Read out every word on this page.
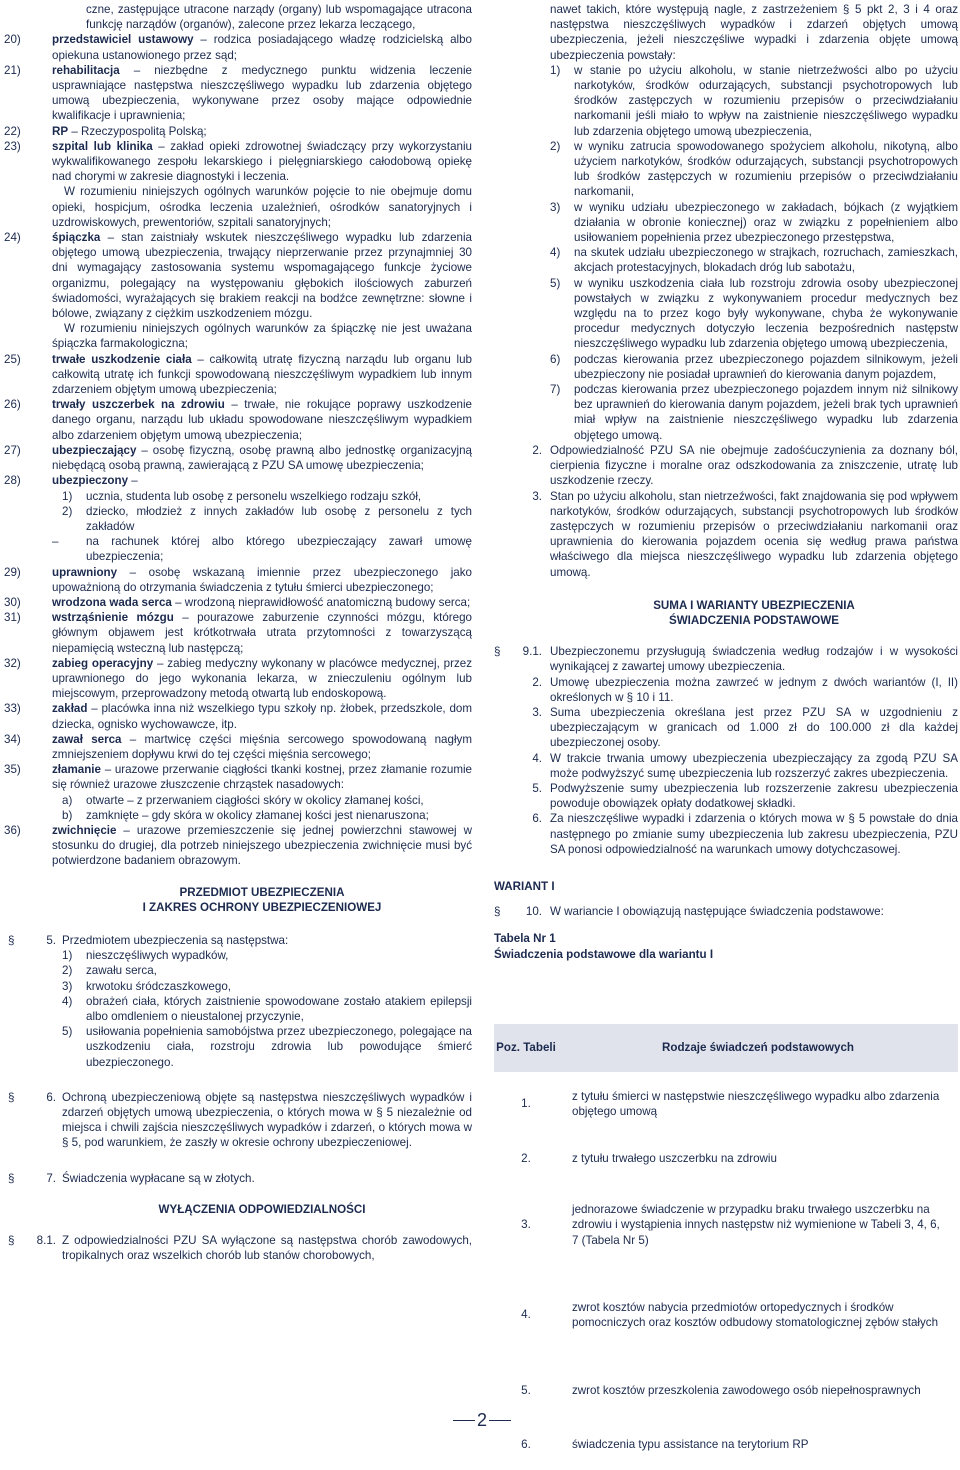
czne, zastępujące utracone narządy (organy) lub wspomagające utracona funkcję narządów (organów), zalecone przez lekarza leczącego,

20)	przedstawiciel ustawowy – rodzica posiadającego władzę rodzicielską albo opiekuna ustanowionego przez sąd;

21)	rehabilitacja – niezbędne z medycznego punktu widzenia leczenie usprawniające następstwa nieszczęśliwego wypadku lub zdarzenia objętego umową ubezpieczenia, wykonywane przez osoby mające odpowiednie kwalifikacje i uprawnienia;

22)	RP – Rzeczypospolitą Polską;

23)	szpital lub klinika – zakład opieki zdrowotnej świadczący przy wykorzystaniu wykwalifikowanego zespołu lekarskiego i pielęgniarskiego całodobową opiekę nad chorymi w zakresie diagnostyki i leczenia.

W rozumieniu niniejszych ogólnych warunków pojęcie to nie obejmuje domu opieki, hospicjum, ośrodka leczenia uzależnień, ośrodków sanatoryjnych i uzdrowiskowych, prewentoriów, szpitali sanatoryjnych;

24)	śpiączka – stan zaistniały wskutek nieszczęśliwego wypadku lub zdarzenia objętego umową ubezpieczenia, trwający nieprzerwanie przez przynajmniej 30 dni wymagający zastosowania systemu wspomagającego funkcje życiowe organizmu, polegający na występowaniu głębokich ilościowych zaburzeń świadomości, wyrażających się brakiem reakcji na bodźce zewnętrzne: słowne i bólowe, związany z ciężkim uszkodzeniem mózgu.

W rozumieniu niniejszych ogólnych warunków za śpiączkę nie jest uważana śpiączka farmakologiczna;

25)	trwałe uszkodzenie ciała – całkowitą utratę fizyczną narządu lub organu lub całkowitą utratę ich funkcji spowodowaną nieszczęśliwym wypadkiem lub innym zdarzeniem objętym umową ubezpieczenia;

26)	trwały uszczerbek na zdrowiu – trwałe, nie rokujące poprawy uszkodzenie danego organu, narządu lub układu spowodowane nieszczęśliwym wypadkiem albo zdarzeniem objętym umową ubezpieczenia;

27)	ubezpieczający – osobę fizyczną, osobę prawną albo jednostkę organizacyjną niebędącą osobą prawną, zawierającą z PZU SA umowę ubezpieczenia;

28)	ubezpieczony –

1) ucznia, studenta lub osobę z personelu wszelkiego rodzaju szkół,

2) dziecko, młodzież z innych zakładów lub osobę z personelu z tych zakładów

– na rachunek której albo którego ubezpieczający zawarł umowę ubezpieczenia;

29)	uprawniony – osobę wskazaną imiennie przez ubezpieczonego jako upoważnioną do otrzymania świadczenia z tytułu śmierci ubezpieczonego;

30)	wrodzona wada serca – wrodzoną nieprawidłowość anatomiczną budowy serca;

31)	wstrząśnienie mózgu – pourazowe zaburzenie czynności mózgu, którego głównym objawem jest krótkotrwała utrata przytomności z towarzyszącą niepamięcią wsteczną lub następczą;

32)	zabieg operacyjny – zabieg medyczny wykonany w placówce medycznej, przez uprawnionego do jego wykonania lekarza, w znieczuleniu ogólnym lub miejscowym, przeprowadzony metodą otwartą lub endoskopową.

33)	zakład – placówka inna niż wszelkiego typu szkoły np. żłobek, przedszkole, dom dziecka, ognisko wychowawcze, itp.

34)	zawał serca – martwicę części mięśnia sercowego spowodowaną nagłym zmniejszeniem dopływu krwi do tej części mięśnia sercowego;

35)	złamanie – urazowe przerwanie ciągłości tkanki kostnej, przez złamanie rozumie się również urazowe złuszczenie chrząstek nasadowych:

a) otwarte – z przerwaniem ciągłości skóry w okolicy złamanej kości,

b) zamknięte – gdy skóra w okolicy złamanej kości jest nienaruszona;

36)	zwichnięcie – urazowe przemieszczenie się jednej powierzchni stawowej w stosunku do drugiej, dla potrzeb niniejszego ubezpieczenia zwichnięcie musi być potwierdzone badaniem obrazowym.

PRZEDMIOT UBEZPIECZENIA

I ZAKRES OCHRONY UBEZPIECZENIOWEJ

§	5. Przedmiotem ubezpieczenia są następstwa:

1) nieszczęśliwych wypadków,

2) zawału serca,

3) krwotoku śródczaszkowego,

4) obrażeń ciała, których zaistnienie spowodowane zostało atakiem epilepsji albo omdleniem o nieustalonej przyczynie,

5) usiłowania popełnienia samobójstwa przez ubezpieczonego, polegające na uszkodzeniu ciała, rozstroju zdrowia lub powodujące śmierć ubezpieczonego.

§	6. Ochroną ubezpieczeniową objęte są następstwa nieszczęśliwych wypadków i zdarzeń objętych umową ubezpieczenia, o których mowa w § 5 niezależnie od miejsca i chwili zajścia nieszczęśliwych wypadków i zdarzeń, o których mowa w § 5, pod warunkiem, że zaszły w okresie ochrony ubezpieczeniowej.

§	7. Świadczenia wypłacane są w złotych.

WYŁĄCZENIA ODPOWIEDZIALNOŚCI

§	8.1. Z odpowiedzialności PZU SA wyłączone są następstwa chorób zawodowych, tropikalnych oraz wszelkich chorób lub stanów chorobowych,

nawet takich, które występują nagle, z zastrzeżeniem § 5 pkt 2, 3 i 4 oraz następstwa nieszczęśliwych wypadków i zdarzeń objętych umową ubezpieczenia, jeżeli nieszczęśliwe wypadki i zdarzenia objęte umową ubezpieczenia powstały:

1) w stanie po użyciu alkoholu, w stanie nietrzeźwości albo po użyciu narkotyków, środków odurzających, substancji psychotropowych lub środków zastępczych w rozumieniu przepisów o przeciwdziałaniu narkomanii jeśli miało to wpływ na zaistnienie nieszczęśliwego wypadku lub zdarzenia objętego umową ubezpieczenia,

2) w wyniku zatrucia spowodowanego spożyciem alkoholu, nikotyną, albo użyciem narkotyków, środków odurzających, substancji psychotropowych lub środków zastępczych w rozumieniu przepisów o przeciwdziałaniu narkomanii,

3) w wyniku udziału ubezpieczonego w zakładach, bójkach (z wyjątkiem działania w obronie koniecznej) oraz w związku z popełnieniem albo usiłowaniem popełnienia przez ubezpieczonego przestępstwa,

4) na skutek udziału ubezpieczonego w strajkach, rozruchach, zamieszkach, akcjach protestacyjnych, blokadach dróg lub sabotażu,

5) w wyniku uszkodzenia ciała lub rozstroju zdrowia osoby ubezpieczonej powstałych w związku z wykonywaniem procedur medycznych bez względu na to przez kogo były wykonywane, chyba że wykonywanie procedur medycznych dotyczyło leczenia bezpośrednich następstw nieszczęśliwego wypadku lub zdarzenia objętego umową ubezpieczenia,

6) podczas kierowania przez ubezpieczonego pojazdem silnikowym, jeżeli ubezpieczony nie posiadał uprawnień do kierowania danym pojazdem,

7) podczas kierowania przez ubezpieczonego pojazdem innym niż silnikowy bez uprawnień do kierowania danym pojazdem, jeżeli brak tych uprawnień miał wpływ na zaistnienie nieszczęśliwego wypadku lub zdarzenia objętego umową.

2. Odpowiedzialność PZU SA nie obejmuje zadośćuczynienia za doznany ból, cierpienia fizyczne i moralne oraz odszkodowania za zniszczenie, utratę lub uszkodzenie rzeczy.

3. Stan po użyciu alkoholu, stan nietrzeźwości, fakt znajdowania się pod wpływem narkotyków, środków odurzających, substancji psychotropowych lub środków zastępczych w rozumieniu przepisów o przeciwdziałaniu narkomanii oraz uprawnienia do kierowania pojazdem ocenia się według prawa państwa właściwego dla miejsca nieszczęśliwego wypadku lub zdarzenia objętego umową.

SUMA I WARIANTY UBEZPIECZENIA

ŚWIADCZENIA PODSTAWOWE

§	9.1. Ubezpieczonemu przysługują świadczenia według rodzajów i w wysokości wynikającej z zawartej umowy ubezpieczenia.

2. Umowę ubezpieczenia można zawrzeć w jednym z dwóch wariantów (I, II) określonych w § 10 i 11.

3. Suma ubezpieczenia określana jest przez PZU SA w uzgodnieniu z ubezpieczającym w granicach od 1.000 zł do 100.000 zł dla każdej ubezpieczonej osoby.

4. W trakcie trwania umowy ubezpieczenia ubezpieczający za zgodą PZU SA może podwyższyć sumę ubezpieczenia lub rozszerzyć zakres ubezpieczenia.

5. Podwyższenie sumy ubezpieczenia lub rozszerzenie zakresu ubezpieczenia powoduje obowiązek opłaty dodatkowej składki.

6. Za nieszczęśliwe wypadki i zdarzenia o których mowa w § 5 powstałe do dnia następnego po zmianie sumy ubezpieczenia lub zakresu ubezpieczenia, PZU SA ponosi odpowiedzialność na warunkach umowy dotychczasowej.

WARIANT I

§	10. W wariancie I obowiązują następujące świadczenia podstawowe:

Tabela Nr 1

Świadczenia podstawowe dla wariantu I

Poz. Tabeli	Rodzaje świadczeń podstawowych
1.	z tytułu śmierci w następstwie nieszczęśliwego wypadku albo zdarzenia objętego umową
2.	z tytułu trwałego uszczerbku na zdrowiu
3.	jednorazowe świadczenie w przypadku braku trwałego uszczerbku na zdrowiu i wystąpienia innych następstw niż wymienione w Tabeli 3, 4, 6, 7 (Tabela Nr 5)
4.	zwrot kosztów nabycia przedmiotów ortopedycznych i środków pomocniczych oraz kosztów odbudowy stomatologicznej zębów stałych
5.	zwrot kosztów przeszkolenia zawodowego osób niepełnosprawnych
6.	świadczenia typu assistance na terytorium RP
2
